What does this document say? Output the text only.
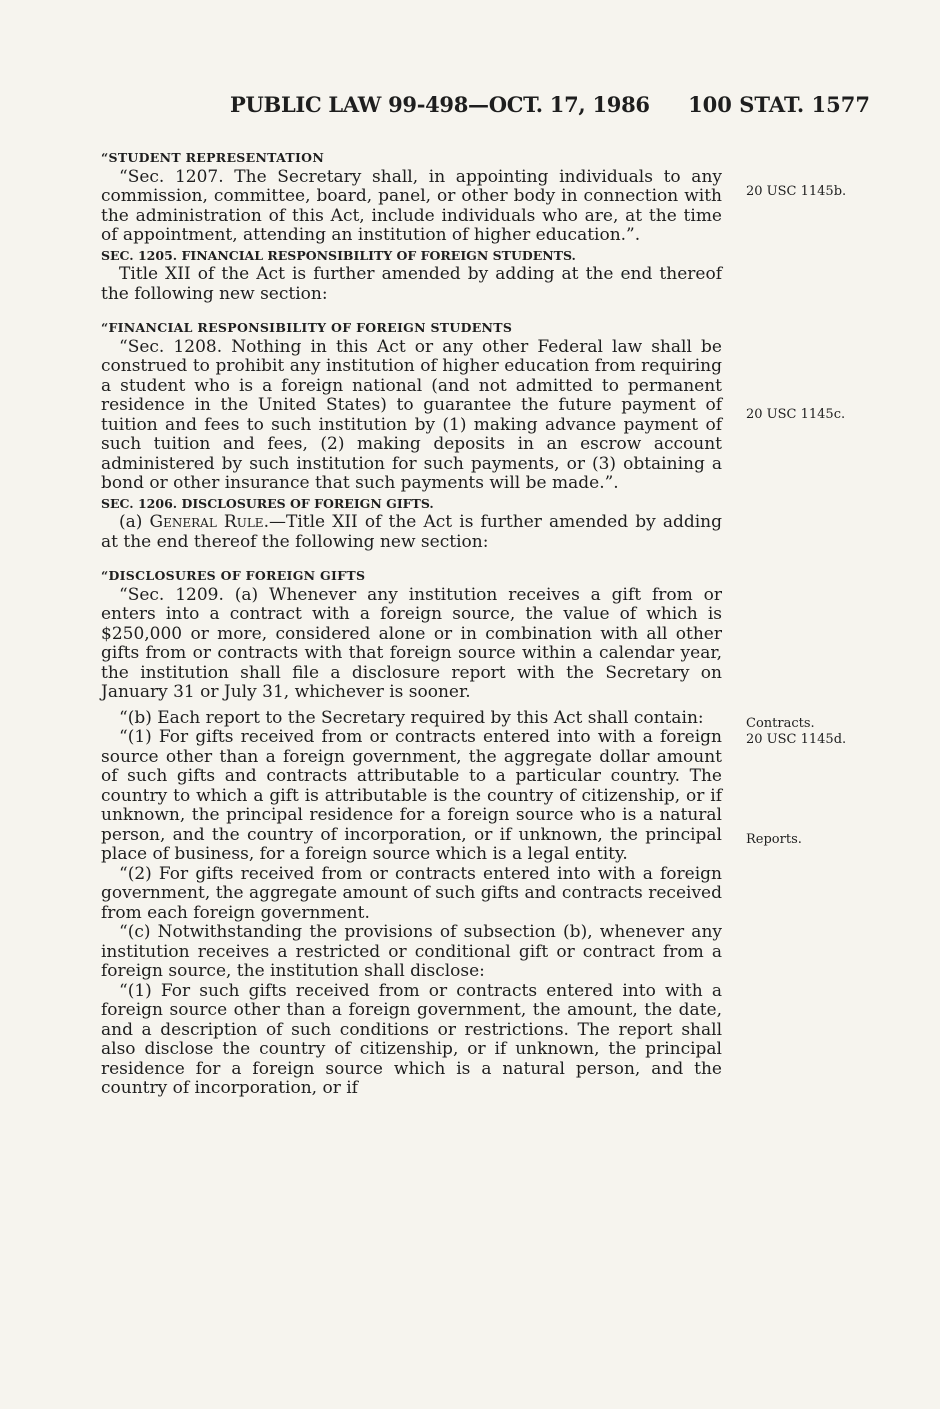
PUBLIC LAW 99-498—OCT. 17, 1986 100 STAT. 1577

“STUDENT REPRESENTATION

“Sec. 1207. The Secretary shall, in appointing individuals to any commission, committee, board, panel, or other body in connection with the administration of this Act, include individuals who are, at the time of appointment, attending an institution of higher education.”.

SEC. 1205. FINANCIAL RESPONSIBILITY OF FOREIGN STUDENTS.

Title XII of the Act is further amended by adding at the end thereof the following new section:

“FINANCIAL RESPONSIBILITY OF FOREIGN STUDENTS

“Sec. 1208. Nothing in this Act or any other Federal law shall be construed to prohibit any institution of higher education from requiring a student who is a foreign national (and not admitted to permanent residence in the United States) to guarantee the future payment of tuition and fees to such institution by (1) making advance payment of such tuition and fees, (2) making deposits in an escrow account administered by such institution for such payments, or (3) obtaining a bond or other insurance that such payments will be made.”.

SEC. 1206. DISCLOSURES OF FOREIGN GIFTS.

(a) General Rule.—Title XII of the Act is further amended by adding at the end thereof the following new section:

“DISCLOSURES OF FOREIGN GIFTS

“Sec. 1209. (a) Whenever any institution receives a gift from or enters into a contract with a foreign source, the value of which is $250,000 or more, considered alone or in combination with all other gifts from or contracts with that foreign source within a calendar year, the institution shall file a disclosure report with the Secretary on January 31 or July 31, whichever is sooner.

“(b) Each report to the Secretary required by this Act shall contain:

“(1) For gifts received from or contracts entered into with a foreign source other than a foreign government, the aggregate dollar amount of such gifts and contracts attributable to a particular country. The country to which a gift is attributable is the country of citizenship, or if unknown, the principal residence for a foreign source who is a natural person, and the country of incorporation, or if unknown, the principal place of business, for a foreign source which is a legal entity.

“(2) For gifts received from or contracts entered into with a foreign government, the aggregate amount of such gifts and contracts received from each foreign government.

“(c) Notwithstanding the provisions of subsection (b), whenever any institution receives a restricted or conditional gift or contract from a foreign source, the institution shall disclose:

“(1) For such gifts received from or contracts entered into with a foreign source other than a foreign government, the amount, the date, and a description of such conditions or restrictions. The report shall also disclose the country of citizenship, or if unknown, the principal residence for a foreign source which is a natural person, and the country of incorporation, or if

20 USC 1145b.
20 USC 1145c.
Contracts.
20 USC 1145d.
Reports.
